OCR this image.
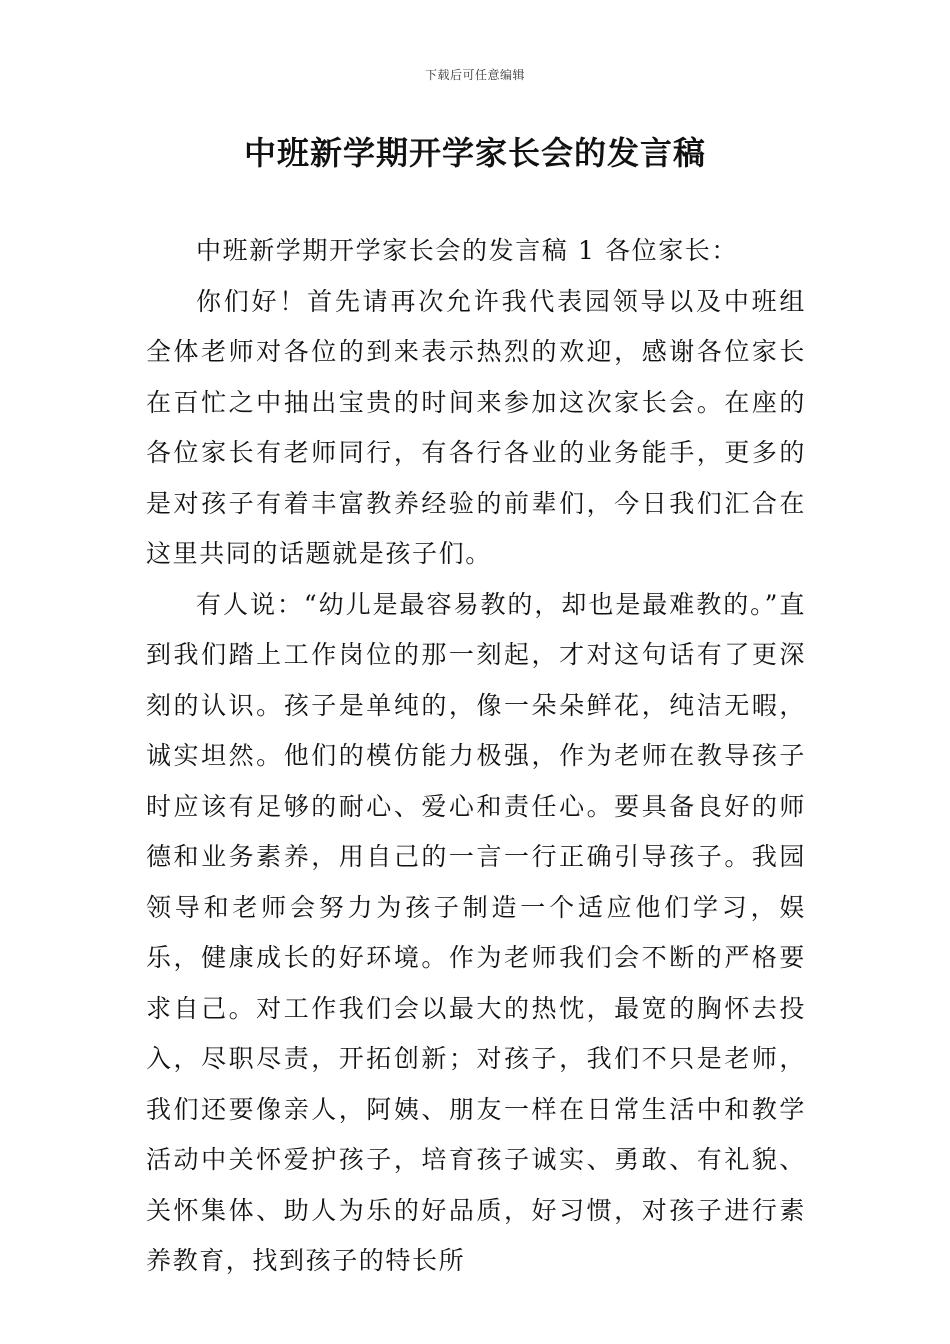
下载后可任意编辑
中班新学期开学家长会的发言稿

中班新学期开学家长会的发言稿 1 各位家长：

你们好！首先请再次允许我代表园领导以及中班组全体老师对各位的到来表示热烈的欢迎，感谢各位家长在百忙之中抽出宝贵的时间来参加这次家长会。在座的各位家长有老师同行，有各行各业的业务能手，更多的是对孩子有着丰富教养经验的前辈们，今日我们汇合在这里共同的话题就是孩子们。

有人说：“幼儿是最容易教的，却也是最难教的。”直到我们踏上工作岗位的那一刻起，才对这句话有了更深刻的认识。孩子是单纯的，像一朵朵鲜花，纯洁无暇，诚实坦然。他们的模仿能力极强，作为老师在教导孩子时应该有足够的耐心、爱心和责任心。要具备良好的师德和业务素养，用自己的一言一行正确引导孩子。我园领导和老师会努力为孩子制造一个适应他们学习，娱乐，健康成长的好环境。作为老师我们会不断的严格要求自己。对工作我们会以最大的热忱，最宽的胸怀去投入，尽职尽责，开拓创新；对孩子，我们不只是老师，我们还要像亲人，阿姨、朋友一样在日常生活中和教学活动中关怀爱护孩子，培育孩子诚实、勇敢、有礼貌、关怀集体、助人为乐的好品质，好习惯，对孩子进行素养教育，找到孩子的特长所
